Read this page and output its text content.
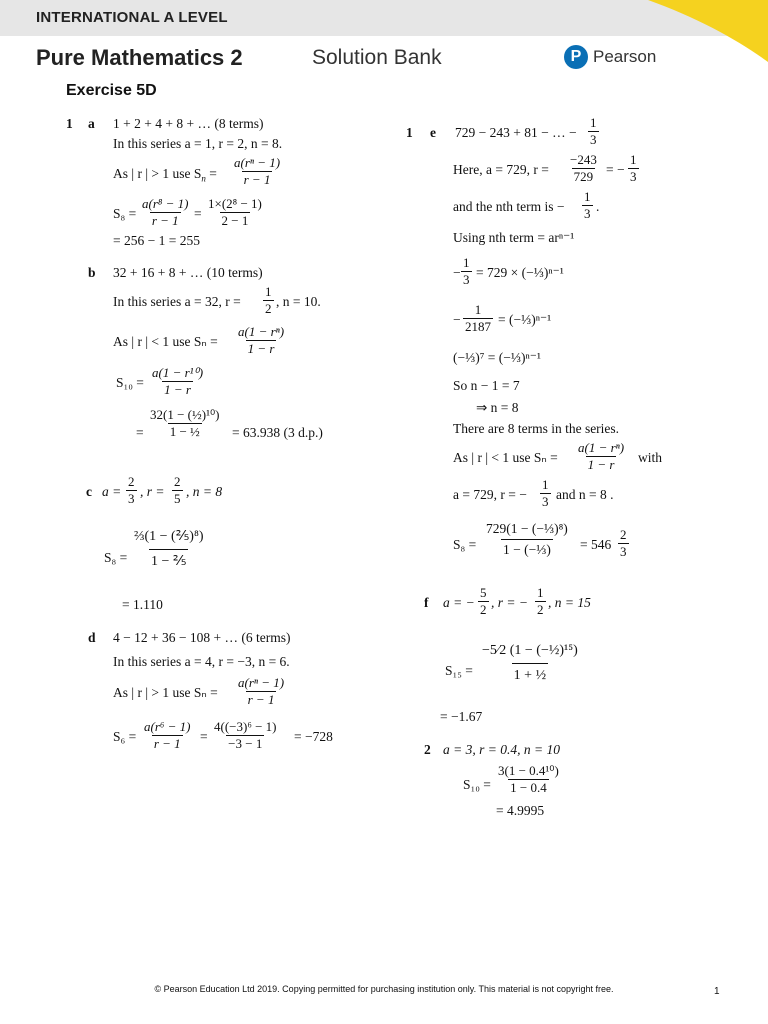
INTERNATIONAL A LEVEL
Pure Mathematics 2	Solution Bank	P Pearson
Exercise 5D
1 a 1 + 2 + 4 + 8 + … (8 terms)
In this series a = 1, r = 2, n = 8.
As | r | > 1 use $S_n$ =
a(rⁿ − 1)
r − 1
S₈ =
a(r⁸ − 1)
r − 1 =
1×(2⁸ − 1)
2 − 1
= 256 − 1 = 255
b 32 + 16 + 8 + … (10 terms)
In this series a = 32, r =
1
2 , n = 10.
As | r | < 1 use Sₙ =
a(1 − rⁿ)
1 − r
S₁₀ =
a(1 − r¹⁰)
1 − r
=
32(1 − (½)¹⁰)
1 − ½ = 63.938 (3 d.p.)
c a =
2
3 , r =
2
5 , n = 8
S₈ =
⅔(1 − (⅖)⁸)
1 − ⅖
= 1.110
d 4 − 12 + 36 − 108 + … (6 terms)
In this series a = 4, r = −3, n = 6.
As | r | > 1 use Sₙ =
a(rⁿ − 1)
r − 1
S₆ =
a(r⁶ − 1)
r − 1 =
4((−3)⁶ − 1)
−3 − 1 = −728
1 e 729 − 243 + 81 − … −
1
3
Here, a = 729, r =
−243
729 = −
1
3
and the nth term is −
1
3 .
Using nth term = arⁿ⁻¹
−
1
3 = 729 × (−⅓)ⁿ⁻¹
−
1
2187 = (−⅓)ⁿ⁻¹
(−⅓)⁷ = (−⅓)ⁿ⁻¹
So n − 1 = 7
⇒ n = 8
There are 8 terms in the series.
As | r | < 1 use Sₙ =
a(1 − rⁿ)
1 − r with
a = 729, r = −
1
3 and n = 8 .
S₈ =
729(1 − (−⅓)⁸)
1 − (−⅓) = 546
2
3
f a = −
5
2 , r = −
1
2 , n = 15
S₁₅ =
−5⁄2 (1 − (−½)¹⁵)
1 + ½
= −1.67
2 a = 3, r = 0.4, n = 10
S₁₀ =
3(1 − 0.4¹⁰)
1 − 0.4
= 4.9995
© Pearson Education Ltd 2019. Copying permitted for purchasing institution only. This material is not copyright free.	1
